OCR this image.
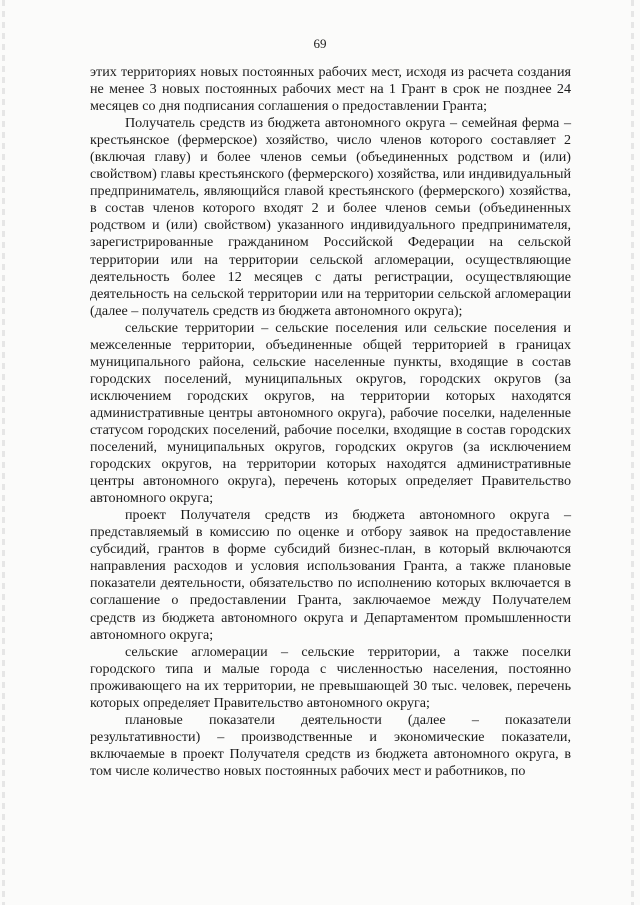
69

этих территориях новых постоянных рабочих мест, исходя из расчета создания не менее 3 новых постоянных рабочих мест на 1 Грант в срок не позднее 24 месяцев со дня подписания соглашения о предоставлении Гранта;

Получатель средств из бюджета автономного округа – семейная ферма – крестьянское (фермерское) хозяйство, число членов которого составляет 2 (включая главу) и более членов семьи (объединенных родством и (или) свойством) главы крестьянского (фермерского) хозяйства, или индивидуальный предприниматель, являющийся главой крестьянского (фермерского) хозяйства, в состав членов которого входят 2 и более членов семьи (объединенных родством и (или) свойством) указанного индивидуального предпринимателя, зарегистрированные гражданином Российской Федерации на сельской территории или на территории сельской агломерации, осуществляющие деятельность более 12 месяцев с даты регистрации, осуществляющие деятельность на сельской территории или на территории сельской агломерации (далее – получатель средств из бюджета автономного округа);

сельские территории – сельские поселения или сельские поселения и межселенные территории, объединенные общей территорией в границах муниципального района, сельские населенные пункты, входящие в состав городских поселений, муниципальных округов, городских округов (за исключением городских округов, на территории которых находятся административные центры автономного округа), рабочие поселки, наделенные статусом городских поселений, рабочие поселки, входящие в состав городских поселений, муниципальных округов, городских округов (за исключением городских округов, на территории которых находятся административные центры автономного округа), перечень которых определяет Правительство автономного округа;

проект Получателя средств из бюджета автономного округа – представляемый в комиссию по оценке и отбору заявок на предоставление субсидий, грантов в форме субсидий бизнес-план, в который включаются направления расходов и условия использования Гранта, а также плановые показатели деятельности, обязательство по исполнению которых включается в соглашение о предоставлении Гранта, заключаемое между Получателем средств из бюджета автономного округа и Департаментом промышленности автономного округа;

сельские агломерации – сельские территории, а также поселки городского типа и малые города с численностью населения, постоянно проживающего на их территории, не превышающей 30 тыс. человек, перечень которых определяет Правительство автономного округа;

плановые показатели деятельности (далее – показатели результативности) – производственные и экономические показатели, включаемые в проект Получателя средств из бюджета автономного округа, в том числе количество новых постоянных рабочих мест и работников, по
